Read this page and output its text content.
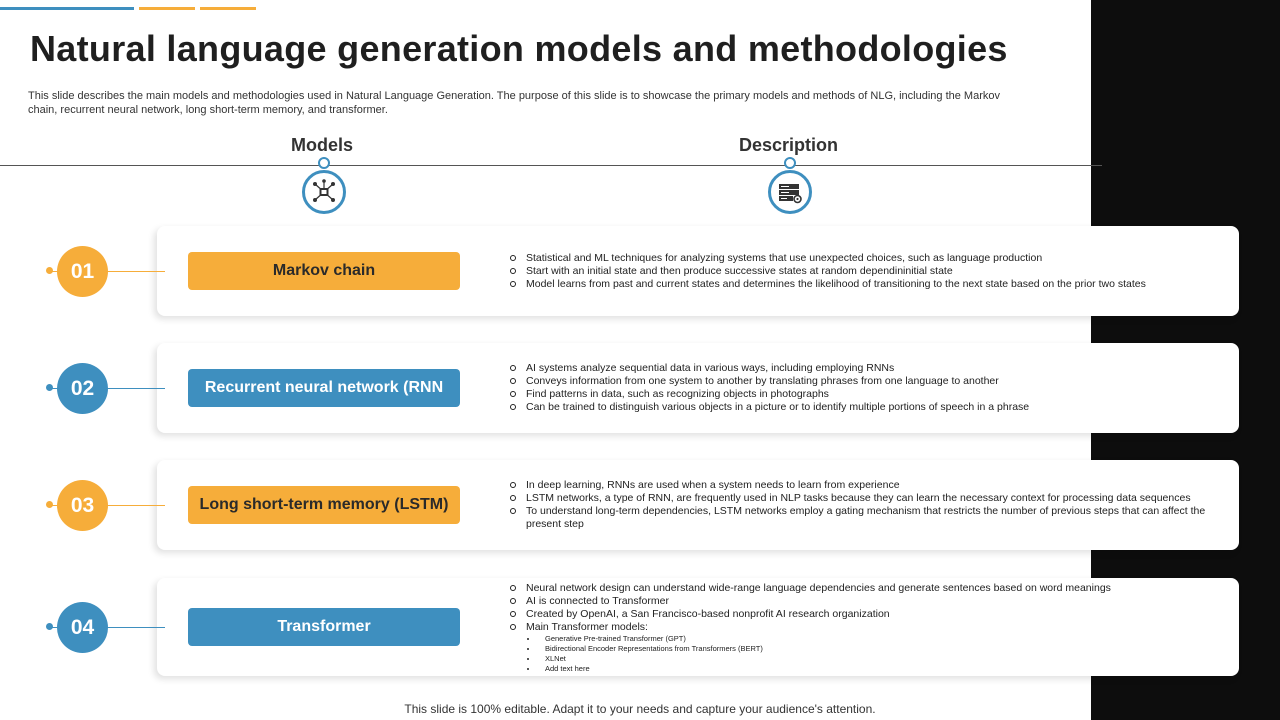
Natural language generation models and methodologies
This slide describes the main models and methodologies used in Natural Language Generation. The purpose of this slide is to showcase the primary models and methods of NLG, including the Markov chain, recurrent neural network, long short-term memory, and transformer.
Models	Description
01	Markov chain
Statistical and ML techniques for analyzing systems that use unexpected choices, such as language production
Start with an initial state and then produce successive states at random dependininitial state
Model learns from past and current states and determines the likelihood of transitioning to the next state based on the prior two states
02	Recurrent neural network (RNN
AI systems analyze sequential data in various ways, including employing RNNs
Conveys information from one system to another by translating phrases from one language to another
Find patterns in data, such as recognizing objects in photographs
Can be trained to distinguish various objects in a picture or to identify multiple portions of speech in a phrase
03	Long short-term memory (LSTM)
In deep learning, RNNs are used when a system needs to learn from experience
LSTM networks, a type of RNN, are frequently used in NLP tasks because they can learn the necessary context for processing data sequences
To understand long-term dependencies, LSTM networks employ a gating mechanism that restricts the number of previous steps that can affect the present step
04	Transformer
Neural network design can understand wide-range language dependencies and generate sentences based on word meanings
AI is connected to Transformer
Created by OpenAI, a San Francisco-based nonprofit AI research organization
Main Transformer models:
Generative Pre-trained Transformer (GPT)
Bidirectional Encoder Representations from Transformers (BERT)
XLNet
Add text here
This slide is 100% editable. Adapt it to your needs and capture your audience's attention.
